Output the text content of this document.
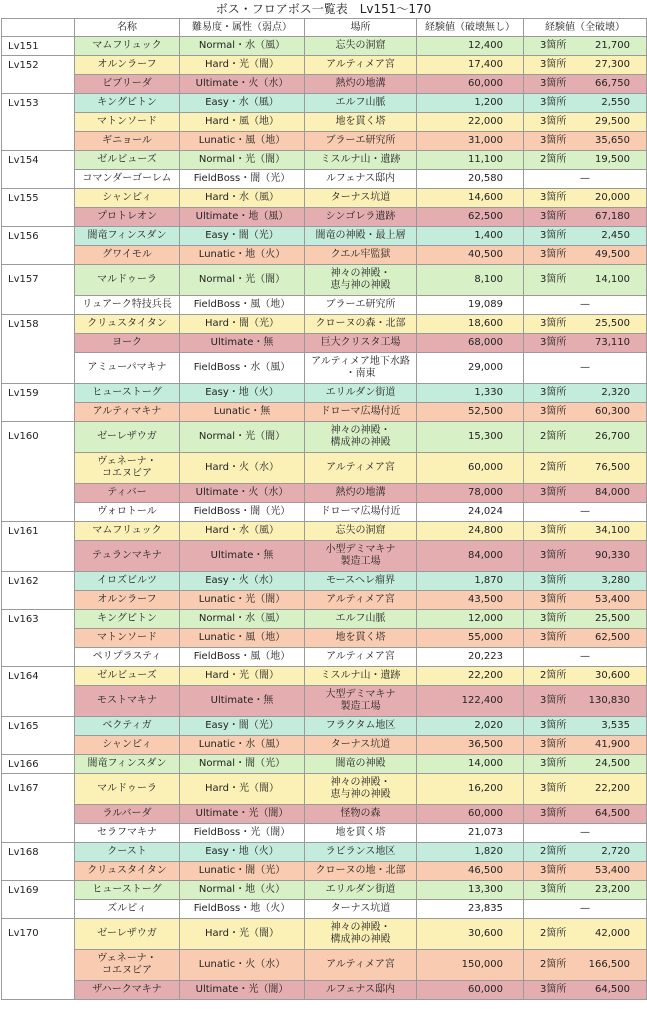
ボス・フロアボス一覧表　Lv151〜170
	名称	難易度・属性（弱点）	場所	経験値（破壊無し）	経験値（全破壊）
Lv151	マムフリュック	Normal・水（風）	忘失の洞窟	12,400	3箇所 21,700
Lv152	オルンラーフ	Hard・光（闇）	アルティメア宮	17,400	3箇所 27,300
	ビブリーダ	Ultimate・火（水）	熱灼の地溝	60,000	3箇所 66,750
Lv153	キングピトン	Easy・水（風）	エルフ山脈	1,200	3箇所 2,550
	マトンソード	Hard・風（地）	地を貫く塔	22,000	3箇所 29,500
	ギニョール	Lunatic・風（地）	ブラーエ研究所	31,000	3箇所 35,650
Lv154	ゼルビューズ	Normal・光（闇）	ミスルナ山・遺跡	11,100	2箇所 19,500
	コマンダーゴーレム	FieldBoss・闇（光）	ルフェナス邸内	20,580	—
Lv155	シャンピィ	Hard・水（風）	ターナス坑道	14,600	3箇所 20,000
	プロトレオン	Ultimate・地（風）	シンゴレラ遺跡	62,500	3箇所 67,180
Lv156	闇竜フィンスダン	Easy・闇（光）	闇竜の神殿・最上層	1,400	3箇所 2,450
	グワイモル	Lunatic・地（火）	クエル牢監獄	40,500	3箇所 49,500
Lv157	マルドゥーラ	Normal・光（闇）	神々の神殿・
恵与神の神殿	8,100	3箇所 14,100
	リュアーク特技兵長	FieldBoss・風（地）	ブラーエ研究所	19,089	—
Lv158	クリュスタイタン	Hard・闇（光）	クローヌの森・北部	18,600	3箇所 25,500
	ヨーク	Ultimate・無	巨大クリスタ工場	68,000	3箇所 73,110
	アミューパマキナ	FieldBoss・水（風）	アルティメア地下水路
・南東	29,000	—
Lv159	ヒューストーグ	Easy・地（火）	エリルダン街道	1,330	3箇所 2,320
	アルティマキナ	Lunatic・無	ドローマ広場付近	52,500	3箇所 60,300
Lv160	ゼーレザウガ	Normal・光（闇）	神々の神殿・
構成神の神殿	15,300	2箇所 26,700
	ヴェネーナ・
コエヌビア	Hard・火（水）	アルティメア宮	60,000	2箇所 76,500
	ティバー	Ultimate・火（水）	熱灼の地溝	78,000	3箇所 84,000
	ヴォロトール	FieldBoss・闇（光）	ドローマ広場付近	24,024	—
Lv161	マムフリュック	Hard・水（風）	忘失の洞窟	24,800	3箇所 34,100
	テュランマキナ	Ultimate・無	小型デミマキナ
製造工場	84,000	3箇所 90,330
Lv162	イロズビルツ	Easy・火（水）	モースヘレ瘤界	1,870	3箇所 3,280
	オルンラーフ	Lunatic・光（闇）	アルティメア宮	43,500	3箇所 53,400
Lv163	キングピトン	Normal・水（風）	エルフ山脈	12,000	3箇所 25,500
	マトンソード	Lunatic・風（地）	地を貫く塔	55,000	3箇所 62,500
	ペリプラスティ	FieldBoss・風（地）	アルティメア宮	20,223	—
Lv164	ゼルビューズ	Hard・光（闇）	ミスルナ山・遺跡	22,200	2箇所 30,600
	モストマキナ	Ultimate・無	大型デミマキナ
製造工場	122,400	3箇所 130,830
Lv165	ベクティガ	Easy・闇（光）	フラクタム地区	2,020	3箇所 3,535
	シャンピィ	Lunatic・水（風）	ターナス坑道	36,500	3箇所 41,900
Lv166	闇竜フィンスダン	Normal・闇（光）	闇竜の神殿	14,000	3箇所 24,500
Lv167	マルドゥーラ	Hard・光（闇）	神々の神殿・
恵与神の神殿	16,200	3箇所 22,200
	ラルバーダ	Ultimate・光（闇）	怪物の森	60,000	3箇所 64,500
	セラフマキナ	FieldBoss・光（闇）	地を貫く塔	21,073	—
Lv168	クースト	Easy・地（火）	ラビランス地区	1,820	2箇所 2,720
	クリュスタイタン	Lunatic・闇（光）	クローヌの地・北部	46,500	3箇所 53,400
Lv169	ヒューストーグ	Normal・地（火）	エリルダン街道	13,300	3箇所 23,200
	ズルピィ	FieldBoss・地（火）	ターナス坑道	23,835	—
Lv170	ゼーレザウガ	Hard・光（闇）	神々の神殿・
構成神の神殿	30,600	2箇所 42,000
	ヴェネーナ・
コエヌビア	Lunatic・火（水）	アルティメア宮	150,000	2箇所 166,500
	ザハークマキナ	Ultimate・光（闇）	ルフェナス邸内	60,000	3箇所 64,500
